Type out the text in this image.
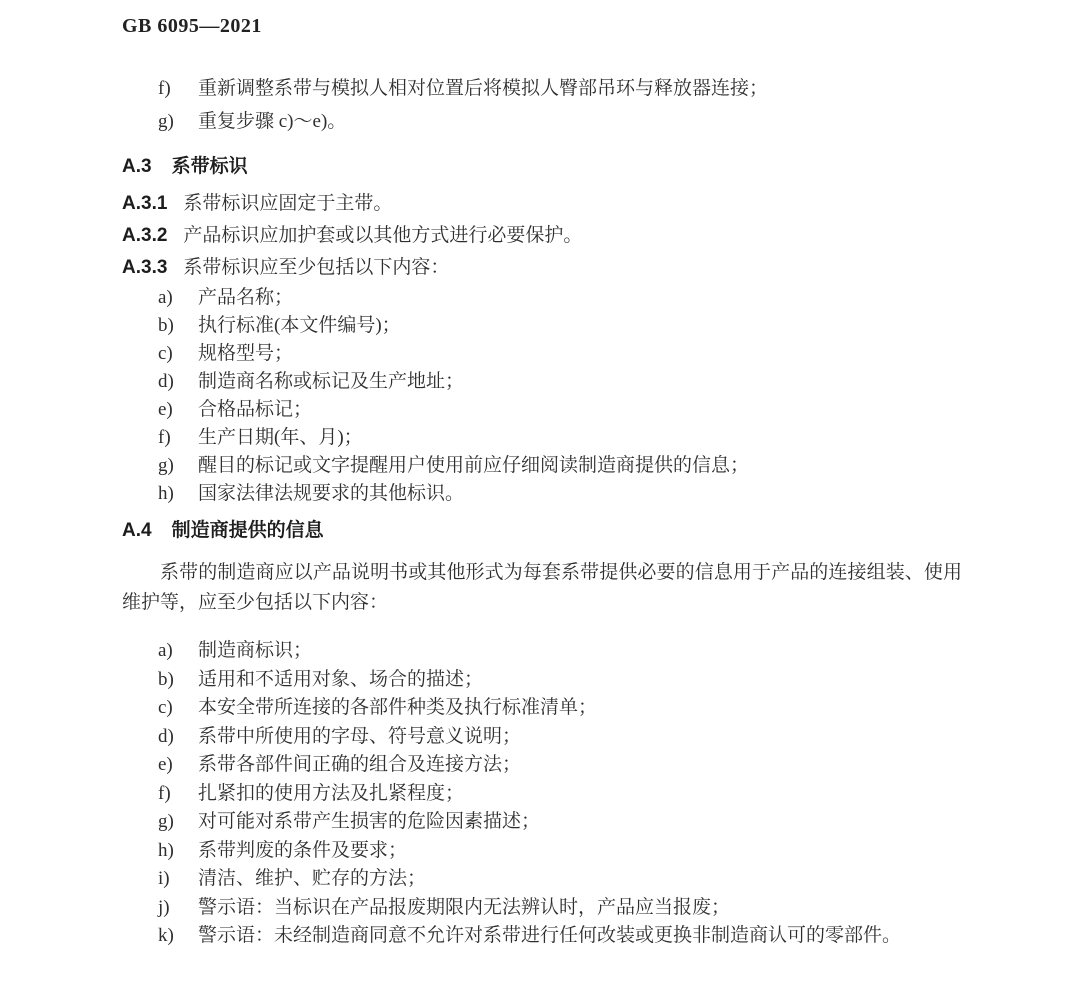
GB 6095—2021
f)	重新调整系带与模拟人相对位置后将模拟人臀部吊环与释放器连接；
g)	重复步骤 c)～e)。
A.3 系带标识
A.3.1 系带标识应固定于主带。
A.3.2 产品标识应加护套或以其他方式进行必要保护。
A.3.3 系带标识应至少包括以下内容：
a)	产品名称；
b)	执行标准(本文件编号)；
c)	规格型号；
d)	制造商名称或标记及生产地址；
e)	合格品标记；
f)	生产日期(年、月)；
g)	醒目的标记或文字提醒用户使用前应仔细阅读制造商提供的信息；
h)	国家法律法规要求的其他标识。
A.4 制造商提供的信息

系带的制造商应以产品说明书或其他形式为每套系带提供必要的信息用于产品的连接组装、使用维护等，应至少包括以下内容：

a)	制造商标识；
b)	适用和不适用对象、场合的描述；
c)	本安全带所连接的各部件种类及执行标准清单；
d)	系带中所使用的字母、符号意义说明；
e)	系带各部件间正确的组合及连接方法；
f)	扎紧扣的使用方法及扎紧程度；
g)	对可能对系带产生损害的危险因素描述；
h)	系带判废的条件及要求；
i)	清洁、维护、贮存的方法；
j)	警示语：当标识在产品报废期限内无法辨认时，产品应当报废；
k)	警示语：未经制造商同意不允许对系带进行任何改装或更换非制造商认可的零部件。
